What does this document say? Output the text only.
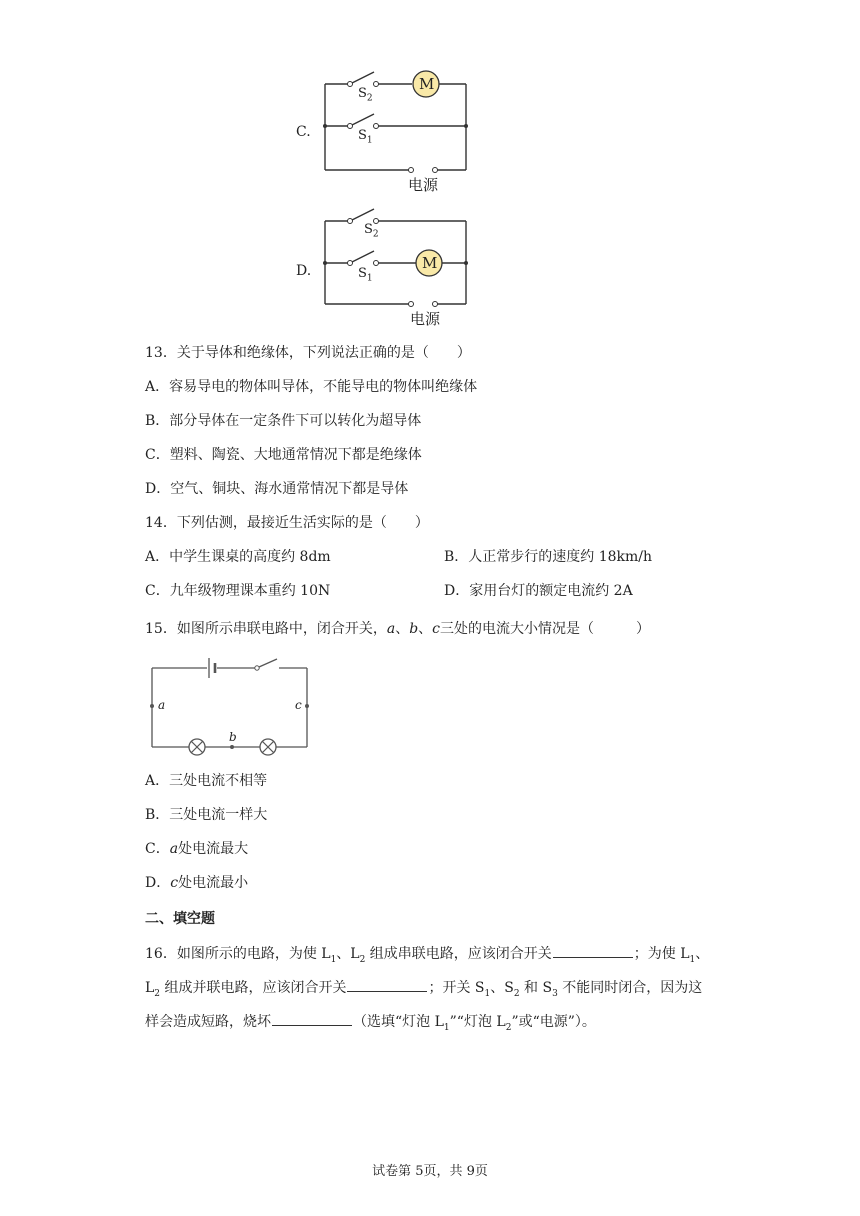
C.
M
$S_2$
$S_1$
电源
D.	M
$S_2$
$S_1$
电源
13．关于导体和绝缘体，下列说法正确的是（　　）
A．容易导电的物体叫导体，不能导电的物体叫绝缘体
B．部分导体在一定条件下可以转化为超导体
C．塑料、陶瓷、大地通常情况下都是绝缘体
D．空气、铜块、海水通常情况下都是导体
14．下列估测，最接近生活实际的是（　　）
A．中学生课桌的高度约 8dm	B．人正常步行的速度约 18km/h
C．九年级物理课本重约 10N	D．家用台灯的额定电流约 2A
15．如图所示串联电路中，闭合开关，a、b、c三处的电流大小情况是（　　　）
a
b
c
A．三处电流不相等
B．三处电流一样大
C．a处电流最大
D．c处电流最小
二、填空题
16．如图所示的电路，为使 $L_1$、$L_2$ 组成串联电路，应该闭合开关	；为使 $L_1$、
$L_2$ 组成并联电路，应该闭合开关	；开关 $S_1$、$S_2$ 和 $S_3$ 不能同时闭合，因为这
样会造成短路，烧坏	（选填“灯泡 $L_1”“$灯泡 $L_2$”或“电源”）。
试卷第 5页，共 9页
